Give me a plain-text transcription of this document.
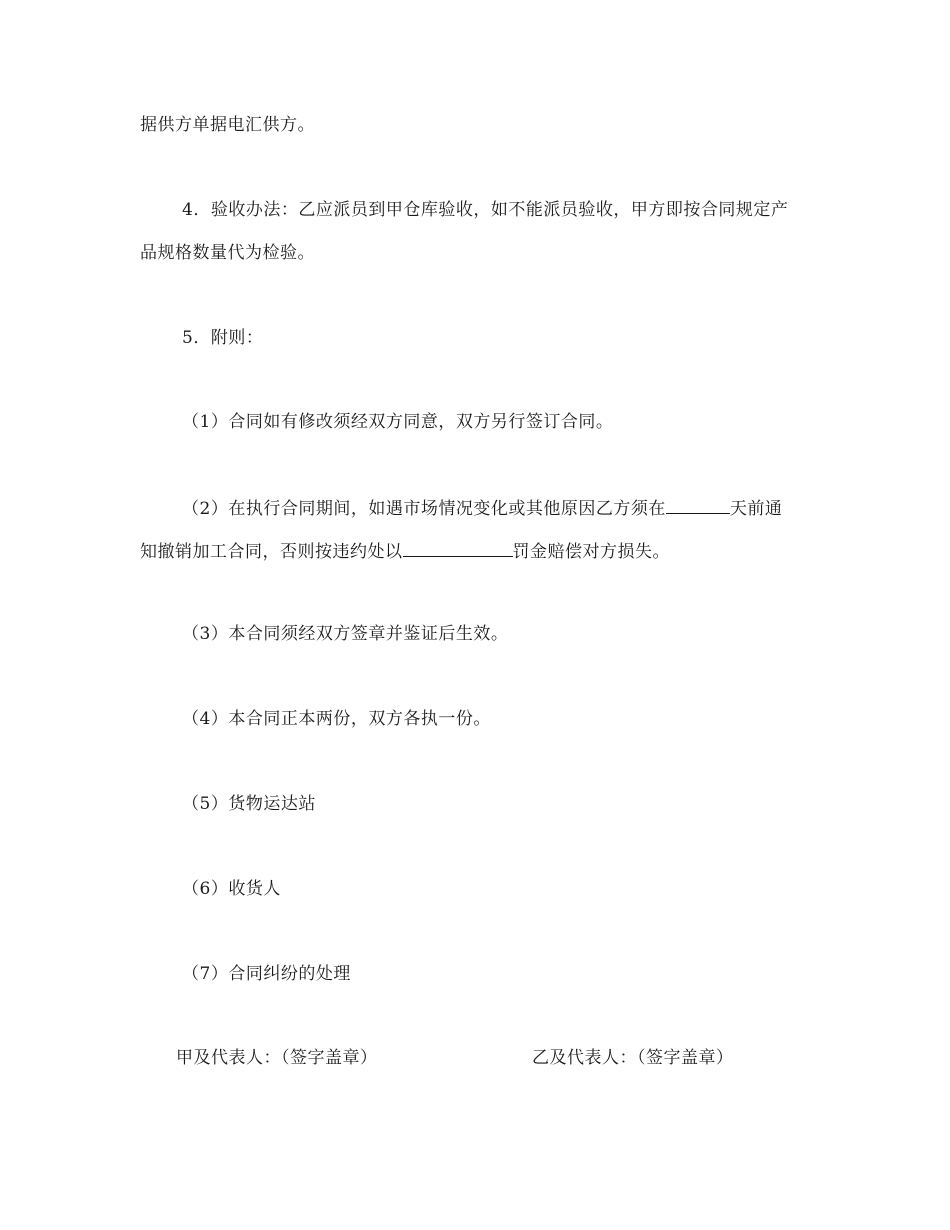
据供方单据电汇供方。
4．验收办法：乙应派员到甲仓库验收，如不能派员验收，甲方即按合同规定产
品规格数量代为检验。
5．附则：
（1）合同如有修改须经双方同意，双方另行签订合同。
（2）在执行合同期间，如遇市场情况变化或其他原因乙方须在	天前通
知撤销加工合同，否则按违约处以	罚金赔偿对方损失。
（3）本合同须经双方签章并鉴证后生效。
（4）本合同正本两份，双方各执一份。
（5）货物运达站
（6）收货人
（7）合同纠纷的处理
甲及代表人：（签字盖章）	乙及代表人：（签字盖章）
